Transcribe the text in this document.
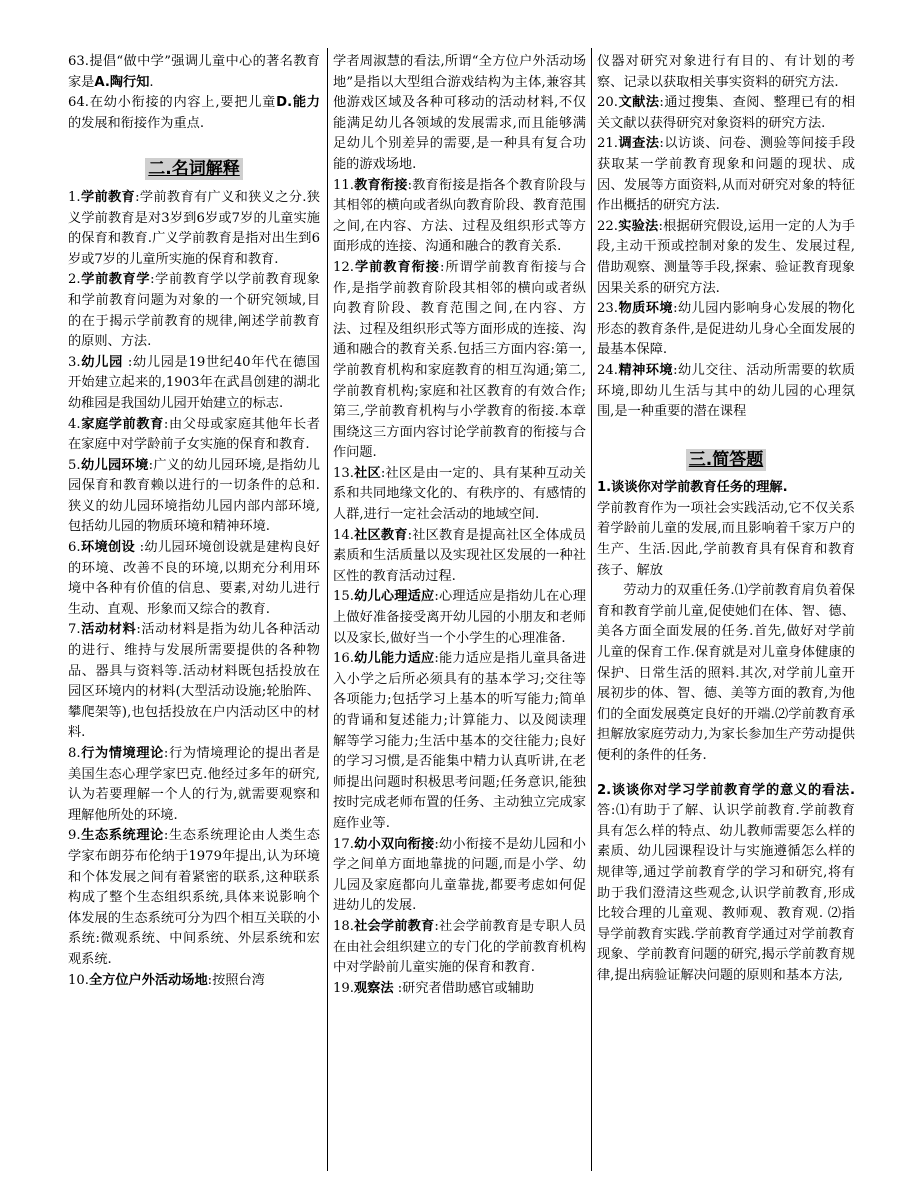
63.提倡“做中学”强调儿童中心的著名教育家是A.陶行知.

64.在幼小衔接的内容上,要把儿童D.能力的发展和衔接作为重点.

二.名词解释

1.学前教育:学前教育有广义和狭义之分.狭义学前教育是对3岁到6岁或7岁的儿童实施的保育和教育.广义学前教育是指对出生到6岁或7岁的儿童所实施的保育和教育.

2.学前教育学:学前教育学以学前教育现象和学前教育问题为对象的一个研究领域,目的在于揭示学前教育的规律,阐述学前教育的原则、方法.

3.幼儿园 :幼儿园是19世纪40年代在德国开始建立起来的,1903年在武昌创建的湖北幼稚园是我国幼儿园开始建立的标志.

4.家庭学前教育:由父母或家庭其他年长者在家庭中对学龄前子女实施的保育和教育.

5.幼儿园环境:广义的幼儿园环境,是指幼儿园保育和教育赖以进行的一切条件的总和.狭义的幼儿园环境指幼儿园内部内部环境,包括幼儿园的物质环境和精神环境.

6.环境创设 :幼儿园环境创设就是建构良好的环境、改善不良的环境,以期充分利用环境中各种有价值的信息、要素,对幼儿进行生动、直观、形象而又综合的教育.

7.活动材料:活动材料是指为幼儿各种活动的进行、维持与发展所需要提供的各种物品、器具与资料等.活动材料既包括投放在园区环境内的材料(大型活动设施;轮胎阵、攀爬架等),也包括投放在户内活动区中的材料.

8.行为情境理论:行为情境理论的提出者是美国生态心理学家巴克.他经过多年的研究,认为若要理解一个人的行为,就需要观察和理解他所处的环境.

9.生态系统理论:生态系统理论由人类生态学家布朗芬布伦纳于1979年提出,认为环境和个体发展之间有着紧密的联系,这种联系构成了整个生态组织系统,具体来说影响个体发展的生态系统可分为四个相互关联的小系统:微观系统、中间系统、外层系统和宏观系统.

10.全方位户外活动场地:按照台湾

学者周淑慧的看法,所谓“全方位户外活动场地”是指以大型组合游戏结构为主体,兼容其他游戏区域及各种可移动的活动材料,不仅能满足幼儿各领域的发展需求,而且能够满足幼儿个别差异的需要,是一种具有复合功能的游戏场地.

11.教育衔接:教育衔接是指各个教育阶段与其相邻的横向或者纵向教育阶段、教育范围之间,在内容、方法、过程及组织形式等方面形成的连接、沟通和融合的教育关系.

12.学前教育衔接:所谓学前教育衔接与合作,是指学前教育阶段其相邻的横向或者纵向教育阶段、教育范围之间,在内容、方法、过程及组织形式等方面形成的连接、沟通和融合的教育关系.包括三方面内容:第一,学前教育机构和家庭教育的相互沟通;第二,学前教育机构;家庭和社区教育的有效合作;第三,学前教育机构与小学教育的衔接.本章围绕这三方面内容讨论学前教育的衔接与合作问题.

13.社区:社区是由一定的、具有某种互动关系和共同地缘文化的、有秩序的、有感情的人群,进行一定社会活动的地域空间.

14.社区教育:社区教育是提高社区全体成员素质和生活质量以及实现社区发展的一种社区性的教育活动过程.

15.幼儿心理适应:心理适应是指幼儿在心理上做好准备接受离开幼儿园的小朋友和老师以及家长,做好当一个小学生的心理准备.

16.幼儿能力适应:能力适应是指儿童具备进入小学之后所必须具有的基本学习;交往等各项能力;包括学习上基本的听写能力;简单的背诵和复述能力;计算能力、以及阅读理解等学习能力;生活中基本的交往能力;良好的学习习惯,是否能集中精力认真听讲,在老师提出问题时积极思考问题;任务意识,能独按时完成老师布置的任务、主动独立完成家庭作业等.

17.幼小双向衔接:幼小衔接不是幼儿园和小学之间单方面地靠拢的问题,而是小学、幼儿园及家庭都向儿童靠拢,都要考虑如何促进幼儿的发展.

18.社会学前教育:社会学前教育是专职人员在由社会组织建立的专门化的学前教育机构中对学龄前儿童实施的保育和教育.

19.观察法 :研究者借助感官或辅助

仪器对研究对象进行有目的、有计划的考察、记录以获取相关事实资料的研究方法.

20.文献法:通过搜集、查阅、整理已有的相关文献以获得研究对象资料的研究方法.

21.调查法:以访谈、问卷、测验等间接手段获取某一学前教育现象和问题的现状、成因、发展等方面资料,从而对研究对象的特征作出概括的研究方法.

22.实验法:根据研究假设,运用一定的人为手段,主动干预或控制对象的发生、发展过程,借助观察、测量等手段,探索、验证教育现象因果关系的研究方法.

23.物质环境:幼儿园内影响身心发展的物化形态的教育条件,是促进幼儿身心全面发展的最基本保障.

24.精神环境:幼儿交往、活动所需要的软质环境,即幼儿生活与其中的幼儿园的心理氛围,是一种重要的潜在课程

三.简答题

1.谈谈你对学前教育任务的理解.

学前教育作为一项社会实践活动,它不仅关系着学龄前儿童的发展,而且影响着千家万户的生产、生活.因此,学前教育具有保育和教育孩子、解放

劳动力的双重任务.⑴学前教育肩负着保育和教育学前儿童,促使她们在体、智、德、美各方面全面发展的任务.首先,做好对学前儿童的保育工作.保育就是对儿童身体健康的保护、日常生活的照料.其次,对学前儿童开展初步的体、智、德、美等方面的教育,为他们的全面发展奠定良好的开端.⑵学前教育承担解放家庭劳动力,为家长参加生产劳动提供便利的条件的任务.

2.谈谈你对学习学前教育学的意义的看法. 答:⑴有助于了解、认识学前教育.学前教育具有怎么样的特点、幼儿教师需要怎么样的素质、幼儿园课程设计与实施遵循怎么样的规律等,通过学前教育学的学习和研究,将有助于我们澄清这些观念,认识学前教育,形成比较合理的儿童观、教师观、教育观. ⑵指导学前教育实践.学前教育学通过对学前教育现象、学前教育问题的研究,揭示学前教育规律,提出病验证解决问题的原则和基本方法,
